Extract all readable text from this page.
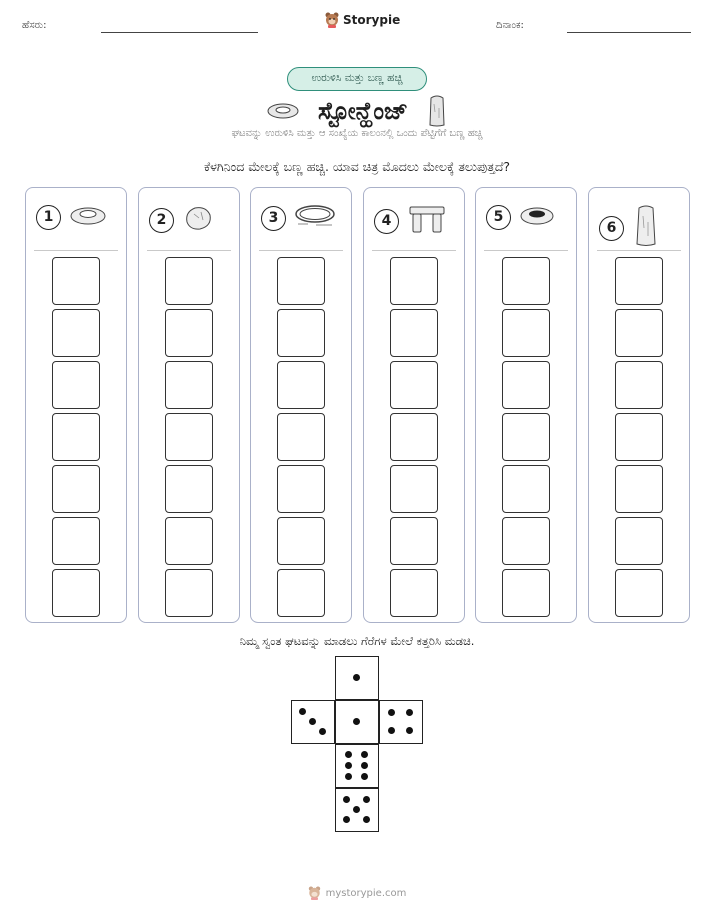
ಹೆಸರು:	Storypie	ದಿನಾಂಕ:
ಉರುಳಿಸಿ ಮತ್ತು ಬಣ್ಣ ಹಚ್ಚಿ
ಸ್ಟೋನ್ಹೆಂಜ್
ಘಟವನ್ನು ಉರುಳಿಸಿ ಮತ್ತು ಆ ಸಂಖ್ಯೆಯ ಕಾಲಂನಲ್ಲಿ ಒಂದು ಪೆಟ್ಟಿಗೆಗೆ ಬಣ್ಣ ಹಚ್ಚಿ
ಕೆಳಗಿನಿಂದ ಮೇಲಕ್ಕೆ ಬಣ್ಣ ಹಚ್ಚಿ. ಯಾವ ಚಿತ್ರ ಮೊದಲು ಮೇಲಕ್ಕೆ ತಲುಪುತ್ತದೆ?
1	2	3	4	5
6
ನಿಮ್ಮ ಸ್ವಂತ ಘಟವನ್ನು ಮಾಡಲು ಗೆರೆಗಳ ಮೇಲೆ ಕತ್ತರಿಸಿ ಮಡಚಿ.
mystorypie.com
